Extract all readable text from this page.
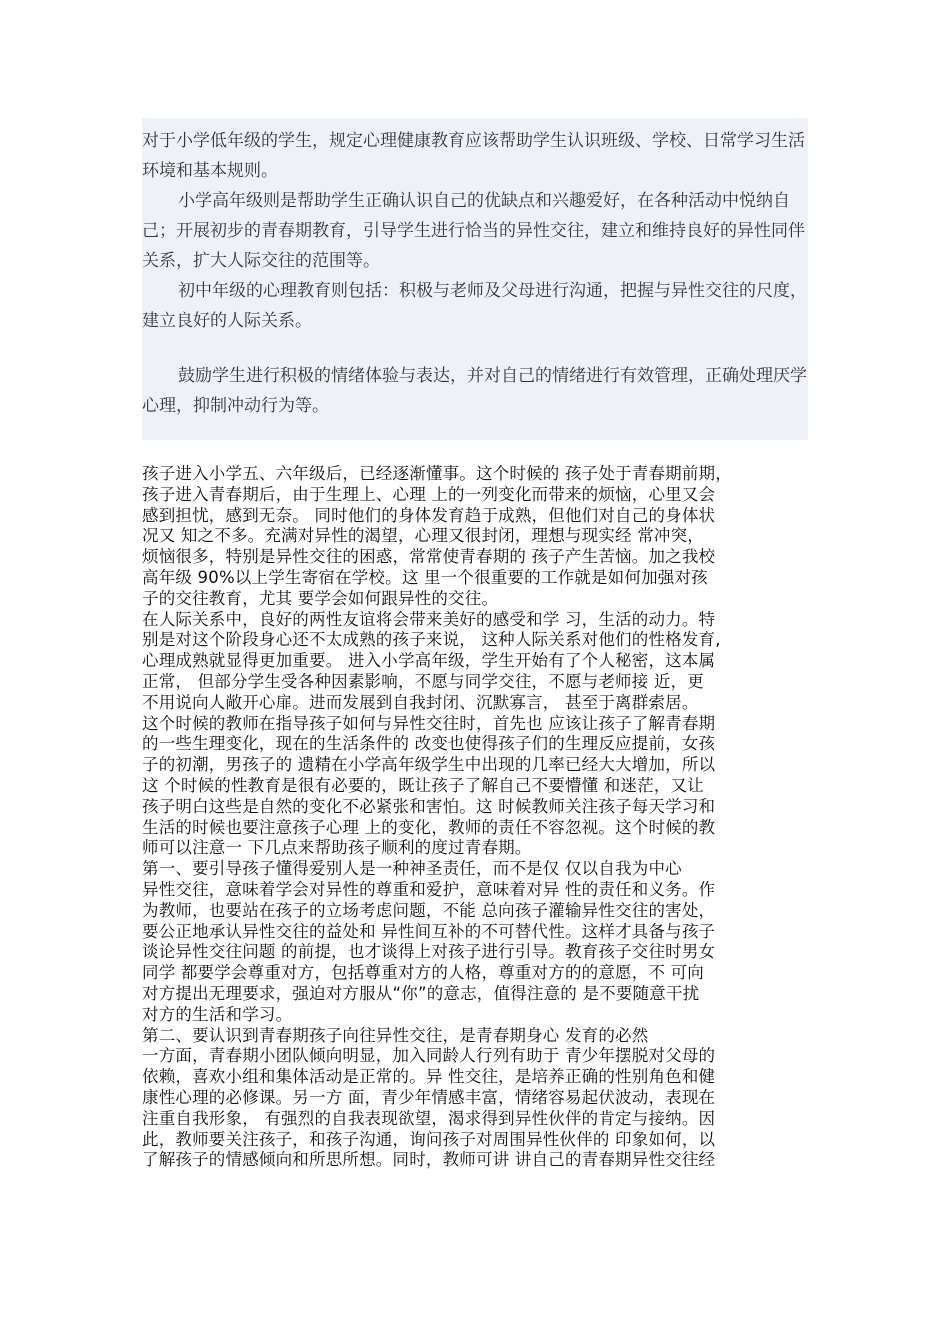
对于小学低年级的学生，规定心理健康教育应该帮助学生认识班级、学校、日常学习生活环境和基本规则。

小学高年级则是帮助学生正确认识自己的优缺点和兴趣爱好，在各种活动中悦纳自己；开展初步的青春期教育，引导学生进行恰当的异性交往，建立和维持良好的异性同伴关系，扩大人际交往的范围等。

初中年级的心理教育则包括：积极与老师及父母进行沟通，把握与异性交往的尺度，建立良好的人际关系。

鼓励学生进行积极的情绪体验与表达，并对自己的情绪进行有效管理，正确处理厌学心理，抑制冲动行为等。

孩子进入小学五、六年级后，已经逐渐懂事。这个时候的 孩子处于青春期前期，

孩子进入青春期后，由于生理上、心理 上的一列变化而带来的烦恼，心里又会

感到担忧，感到无奈。 同时他们的身体发育趋于成熟，但他们对自己的身体状

况又 知之不多。充满对异性的渴望，心理又很封闭，理想与现实经 常冲突，

烦恼很多，特别是异性交往的困惑，常常使青春期的 孩子产生苦恼。加之我校

高年级 90%以上学生寄宿在学校。这 里一个很重要的工作就是如何加强对孩

子的交往教育，尤其 要学会如何跟异性的交往。

在人际关系中，良好的两性友谊将会带来美好的感受和学 习，生活的动力。特

别是对这个阶段身心还不太成熟的孩子来说， 这种人际关系对他们的性格发育,

心理成熟就显得更加重要。 进入小学高年级，学生开始有了个人秘密，这本属

正常， 但部分学生受各种因素影响，不愿与同学交往，不愿与老师接 近，更

不用说向人敞开心扉。进而发展到自我封闭、沉默寡言， 甚至于离群索居。

这个时候的教师在指导孩子如何与异性交往时，首先也 应该让孩子了解青春期

的一些生理变化，现在的生活条件的 改变也使得孩子们的生理反应提前，女孩

子的初潮，男孩子的 遗精在小学高年级学生中出现的几率已经大大增加，所以

这 个时候的性教育是很有必要的，既让孩子了解自己不要懵懂 和迷茫，又让

孩子明白这些是自然的变化不必紧张和害怕。这 时候教师关注孩子每天学习和

生活的时候也要注意孩子心理 上的变化，教师的责任不容忽视。这个时候的教

师可以注意一 下几点来帮助孩子顺利的度过青春期。

第一、要引导孩子懂得爱别人是一种神圣责任，而不是仅 仅以自我为中心

异性交往，意味着学会对异性的尊重和爱护，意味着对异 性的责任和义务。作

为教师，也要站在孩子的立场考虑问题，不能 总向孩子灌输异性交往的害处，

要公正地承认异性交往的益处和 异性间互补的不可替代性。这样才具备与孩子

谈论异性交往问题 的前提，也才谈得上对孩子进行引导。教育孩子交往时男女

同学 都要学会尊重对方，包括尊重对方的人格，尊重对方的的意愿，不 可向

对方提出无理要求，强迫对方服从“你”的意志，值得注意的 是不要随意干扰

对方的生活和学习。

第二、要认识到青春期孩子向往异性交往，是青春期身心 发育的必然

一方面，青春期小团队倾向明显，加入同龄人行列有助于 青少年摆脱对父母的

依赖，喜欢小组和集体活动是正常的。异 性交往，是培养正确的性别角色和健

康性心理的必修课。另一方 面，青少年情感丰富，情绪容易起伏波动，表现在

注重自我形象， 有强烈的自我表现欲望，渴求得到异性伙伴的肯定与接纳。因

此，教师要关注孩子，和孩子沟通，询问孩子对周围异性伙伴的 印象如何，以

了解孩子的情感倾向和所思所想。同时，教师可讲 讲自己的青春期异性交往经
